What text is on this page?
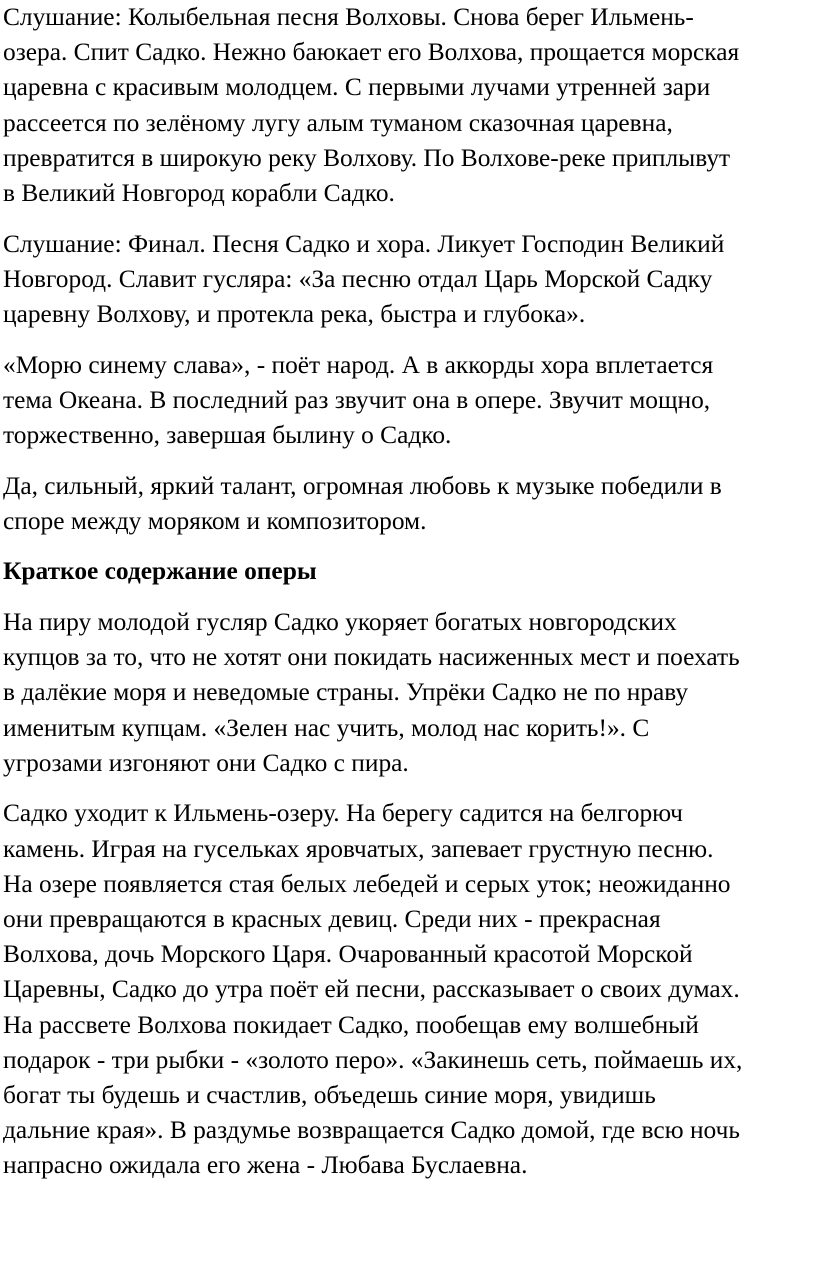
Слушание: Колыбельная песня Волховы. Снова берег Ильмень-
озера. Спит Садко. Нежно баюкает его Волхова, прощается морская
царевна с красивым молодцем. С первыми лучами утренней зари
рассеется по зелёному лугу алым туманом сказочная царевна,
превратится в широкую реку Волхову. По Волхове-реке приплывут
в Великий Новгород корабли Садко.

Слушание: Финал. Песня Садко и хора. Ликует Господин Великий
Новгород. Славит гусляра: «За песню отдал Царь Морской Садку
царевну Волхову, и протекла река, быстра и глубока».

«Морю синему слава», - поёт народ. А в аккорды хора вплетается
тема Океана. В последний раз звучит она в опере. Звучит мощно,
торжественно, завершая былину о Садко.

Да, сильный, яркий талант, огромная любовь к музыке победили в
споре между моряком и композитором.

Краткое содержание оперы

На пиру молодой гусляр Садко укоряет богатых новгородских
купцов за то, что не хотят они покидать насиженных мест и поехать
в далёкие моря и неведомые страны. Упрёки Садко не по нраву
именитым купцам. «Зелен нас учить, молод нас корить!». С
угрозами изгоняют они Садко с пира.

Садко уходит к Ильмень-озеру. На берегу садится на белгорюч
камень. Играя на гусельках яровчатых, запевает грустную песню.
На озере появляется стая белых лебедей и серых уток; неожиданно
они превращаются в красных девиц. Среди них - прекрасная
Волхова, дочь Морского Царя. Очарованный красотой Морской
Царевны, Садко до утра поёт ей песни, рассказывает о своих думах.
На рассвете Волхова покидает Садко, пообещав ему волшебный
подарок - три рыбки - «золото перо». «Закинешь сеть, поймаешь их,
богат ты будешь и счастлив, объедешь синие моря, увидишь
дальние края». В раздумье возвращается Садко домой, где всю ночь
напрасно ожидала его жена - Любава Буслаевна.
